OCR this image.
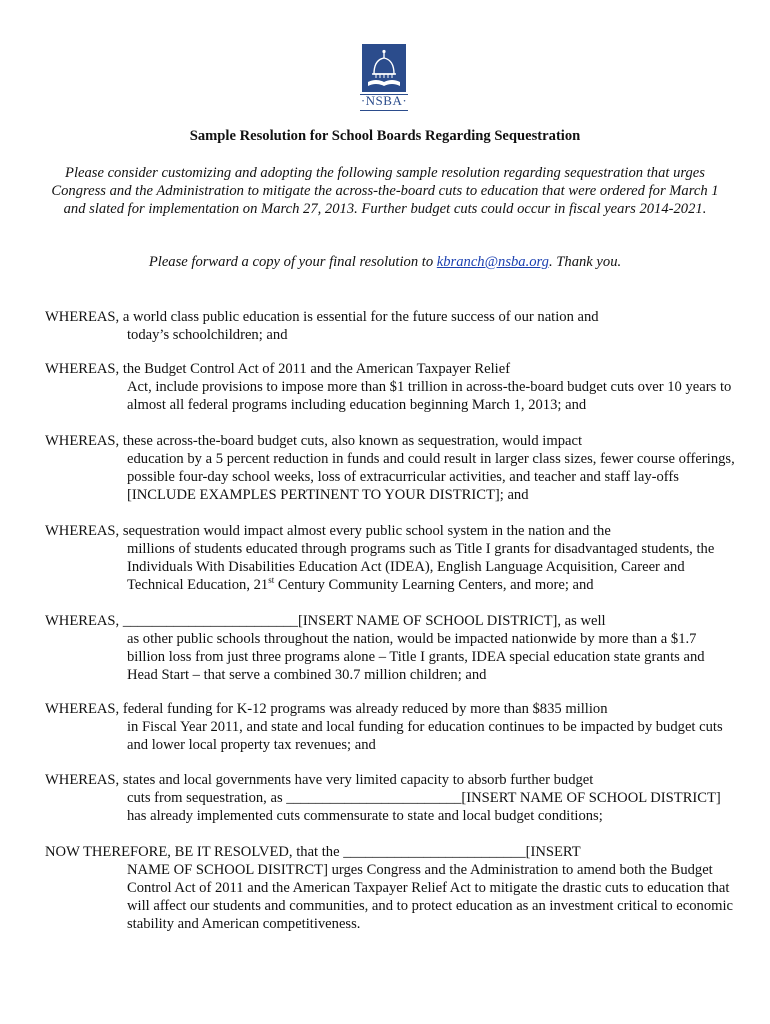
·NSBA·
Sample Resolution for School Boards Regarding Sequestration

Please consider customizing and adopting the following sample resolution regarding sequestration that urges Congress and the Administration to mitigate the across-the-board cuts to education that were ordered for March 1 and slated for implementation on March 27, 2013. Further budget cuts could occur in fiscal years 2014-2021.

Please forward a copy of your final resolution to kbranch@nsba.org. Thank you.
WHEREAS, a world class public education is essential for the future success of our nation and
today’s schoolchildren; and
WHEREAS, the Budget Control Act of 2011 and the American Taxpayer Relief
Act, include provisions to impose more than $1 trillion in across-the-board budget cuts over 10 years to almost all federal programs including education beginning March 1, 2013; and
WHEREAS, these across-the-board budget cuts, also known as sequestration, would impact
education by a 5 percent reduction in funds and could result in larger class sizes, fewer course offerings, possible four-day school weeks, loss of extracurricular activities, and teacher and staff lay-offs [INCLUDE EXAMPLES PERTINENT TO YOUR DISTRICT]; and
WHEREAS, sequestration would impact almost every public school system in the nation and the
millions of students educated through programs such as Title I grants for disadvantaged students, the Individuals With Disabilities Education Act (IDEA), English Language Acquisition, Career and Technical Education, 21st Century Community Learning Centers, and more; and
WHEREAS, ________________________[INSERT NAME OF SCHOOL DISTRICT], as well
as other public schools throughout the nation, would be impacted nationwide by more than a $1.7 billion loss from just three programs alone – Title I grants, IDEA special education state grants and Head Start – that serve a combined 30.7 million children; and
WHEREAS, federal funding for K-12 programs was already reduced by more than $835 million
in Fiscal Year 2011, and state and local funding for education continues to be impacted by budget cuts and lower local property tax revenues; and
WHEREAS, states and local governments have very limited capacity to absorb further budget
cuts from sequestration, as ________________________[INSERT NAME OF SCHOOL DISTRICT] has already implemented cuts commensurate to state and local budget conditions;
NOW THEREFORE, BE IT RESOLVED, that the _________________________[INSERT
NAME OF SCHOOL DISITRCT] urges Congress and the Administration to amend both the Budget Control Act of 2011 and the American Taxpayer Relief Act to mitigate the drastic cuts to education that will affect our students and communities, and to protect education as an investment critical to economic stability and American competitiveness.
